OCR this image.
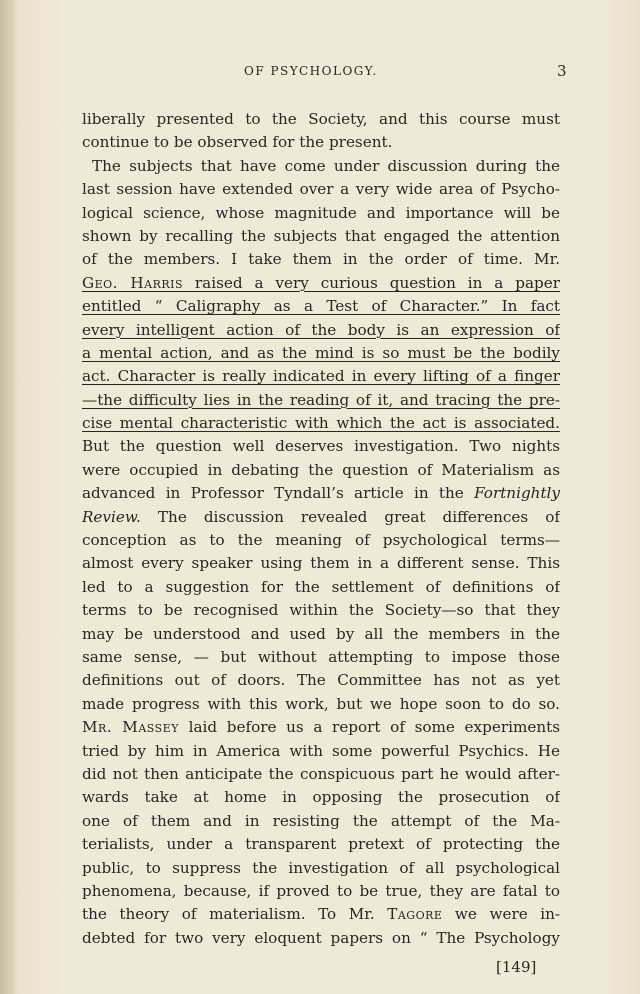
OF PSYCHOLOGY.	3
liberally presented to the Society, and this course must
continue to be observed for the present.
The subjects that have come under discussion during the
last session have extended over a very wide area of Psycho-
logical science, whose magnitude and importance will be
shown by recalling the subjects that engaged the attention
of the members. I take them in the order of time. Mr.
Geo. Harris raised a very curious question in a paper
entitled “ Caligraphy as a Test of Character.” In fact
every intelligent action of the body is an expression of
a mental action, and as the mind is so must be the bodily
act. Character is really indicated in every lifting of a finger
—the difficulty lies in the reading of it, and tracing the pre-
cise mental characteristic with which the act is associated.
But the question well deserves investigation. Two nights
were occupied in debating the question of Materialism as
advanced in Professor Tyndall’s article in the Fortnightly
Review. The discussion revealed great differences of
conception as to the meaning of psychological terms—
almost every speaker using them in a different sense. This
led to a suggestion for the settlement of definitions of
terms to be recognised within the Society—so that they
may be understood and used by all the members in the
same sense, — but without attempting to impose those
definitions out of doors. The Committee has not as yet
made progress with this work, but we hope soon to do so.
Mr. Massey laid before us a report of some experiments
tried by him in America with some powerful Psychics. He
did not then anticipate the conspicuous part he would after-
wards take at home in opposing the prosecution of
one of them and in resisting the attempt of the Ma-
terialists, under a transparent pretext of protecting the
public, to suppress the investigation of all psychological
phenomena, because, if proved to be true, they are fatal to
the theory of materialism. To Mr. Tagore we were in-
debted for two very eloquent papers on “ The Psychology
[149]
